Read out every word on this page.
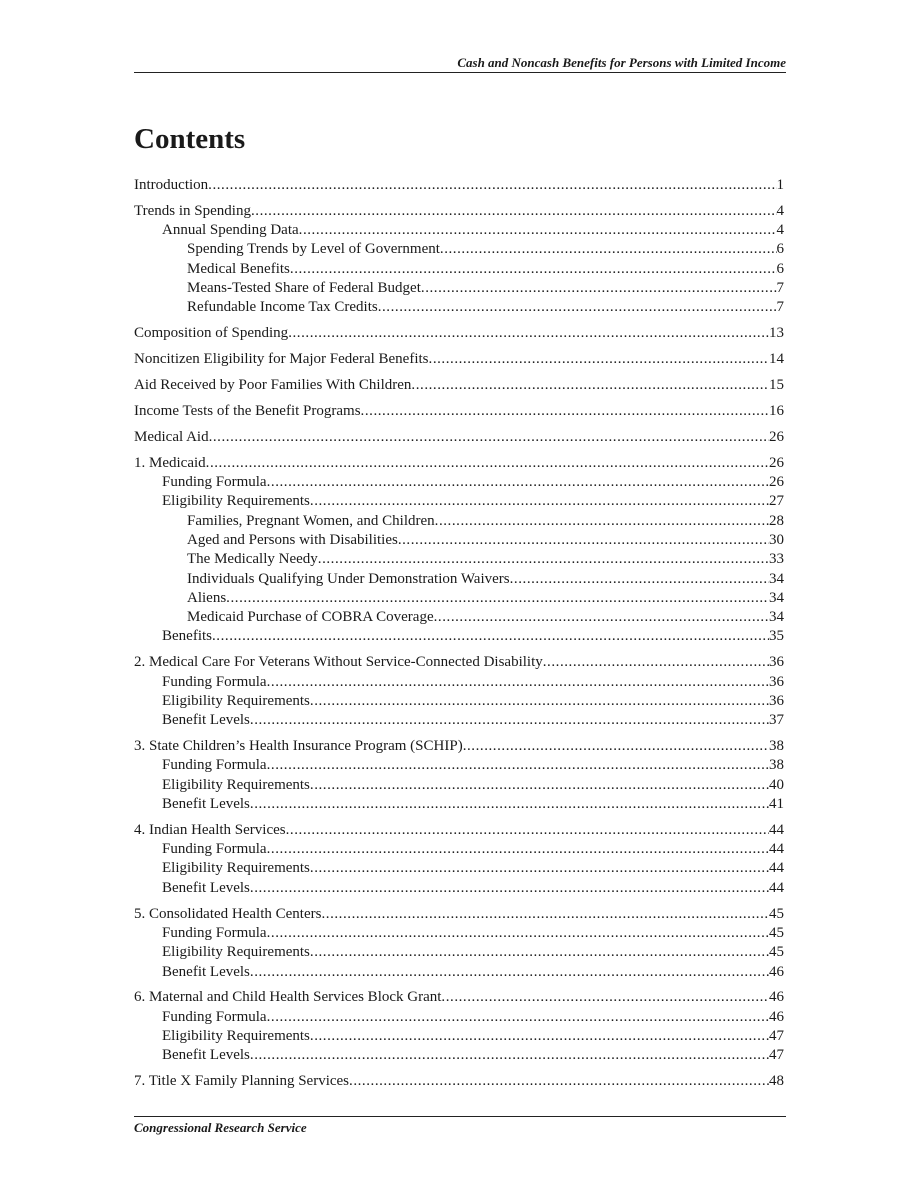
Cash and Noncash Benefits for Persons with Limited Income
Contents
Introduction . . .	1
Trends in Spending . . .	4
Annual Spending Data . . .	4
Spending Trends by Level of Government . . .	6
Medical Benefits . . .	6
Means-Tested Share of Federal Budget . . .	7
Refundable Income Tax Credits . . .	7
Composition of Spending . . .	13
Noncitizen Eligibility for Major Federal Benefits . . .	14
Aid Received by Poor Families With Children . . .	15
Income Tests of the Benefit Programs . . .	16
Medical Aid . . .	26
1. Medicaid . . .	26
Funding Formula . . .	26
Eligibility Requirements . . .	27
Families, Pregnant Women, and Children . . .	28
Aged and Persons with Disabilities . . .	30
The Medically Needy . . .	33
Individuals Qualifying Under Demonstration Waivers . . .	34
Aliens . . .	34
Medicaid Purchase of COBRA Coverage . . .	34
Benefits . . .	35
2. Medical Care For Veterans Without Service-Connected Disability . . .	36
Funding Formula . . .	36
Eligibility Requirements . . .	36
Benefit Levels . . .	37
3. State Children’s Health Insurance Program (SCHIP) . . .	38
Funding Formula . . .	38
Eligibility Requirements . . .	40
Benefit Levels . . .	41
4. Indian Health Services . . .	44
Funding Formula . . .	44
Eligibility Requirements . . .	44
Benefit Levels . . .	44
5. Consolidated Health Centers . . .	45
Funding Formula . . .	45
Eligibility Requirements . . .	45
Benefit Levels . . .	46
6. Maternal and Child Health Services Block Grant . . .	46
Funding Formula . . .	46
Eligibility Requirements . . .	47
Benefit Levels . . .	47
7. Title X Family Planning Services . . .	48
Congressional Research Service
